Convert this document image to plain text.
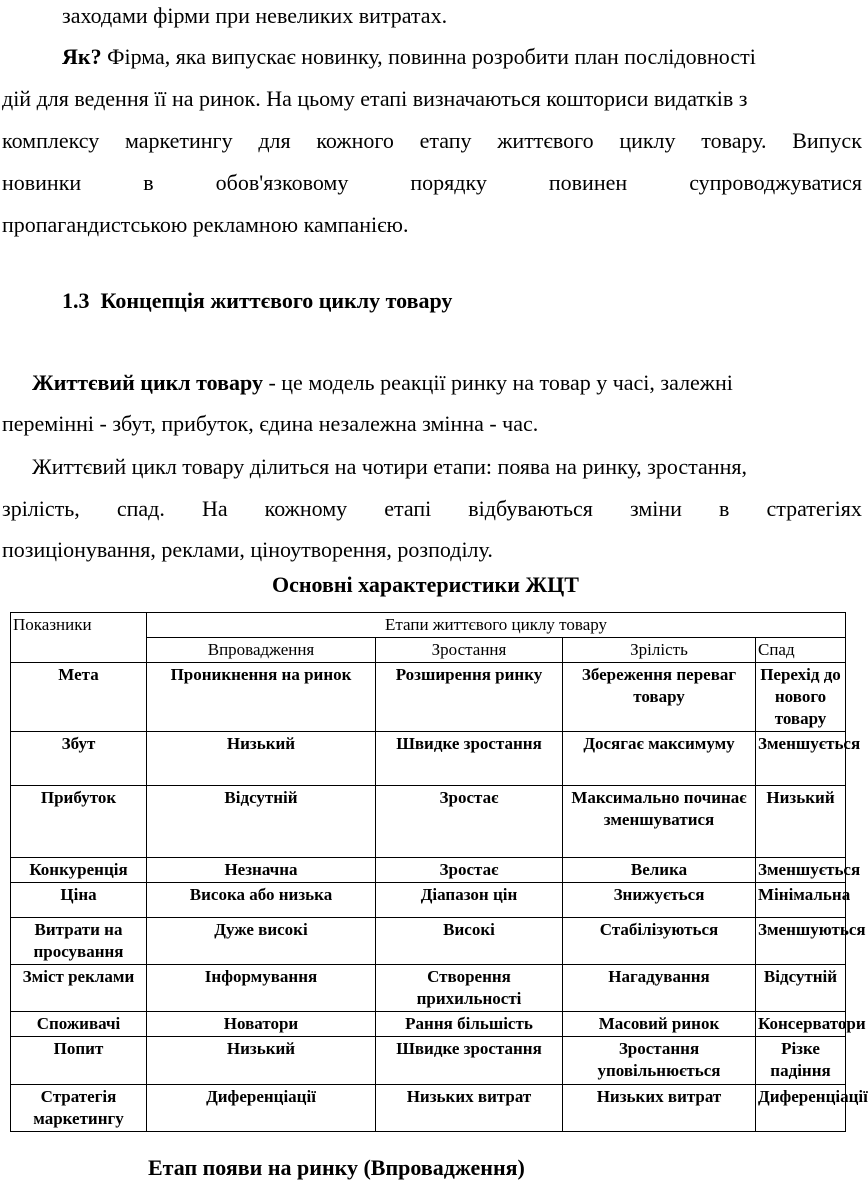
заходами фірми при невеликих витратах.
Як? Фірма, яка випускає новинку, повинна розробити план послідовності
дій для ведення її на ринок. На цьому етапі визначаються кошториси видатків з
комплексу маркетингу для кожного етапу життєвого циклу товару. Випуск
новинки	в	обов'язковому	порядку	повинен	супроводжуватися
пропагандистською рекламною кампанією.
1.3 Концепція життєвого циклу товару
Життєвий цикл товару - це модель реакції ринку на товар у часі, залежні
перемінні - збут, прибуток, єдина незалежна змінна - час.
Життєвий цикл товару ділиться на чотири етапи: поява на ринку, зростання,
зрілість, спад. На кожному етапі відбуваються зміни в стратегіях
позиціонування, реклами, ціноутворення, розподілу.
Основні характеристики ЖЦТ
Показники	Етапи життєвого циклу товару			
	Впровадження	Зростання	Зрілість	Спад
Мета	Проникнення на ринок	Розширення ринку	Збереження переваг товару	Перехід до нового товару
Збут	Низький	Швидке зростання	Досягає максимуму	Зменшується
Прибуток	Відсутній	Зростає	Максимально починає зменшуватися	Низький
Конкуренція	Незначна	Зростає	Велика	Зменшується
Ціна	Висока або низька	Діапазон цін	Знижується	Мінімальна
Витрати на просування	Дуже високі	Високі	Стабілізуються	Зменшуються
Зміст реклами	Інформування	Створення прихильності	Нагадування	Відсутній
Споживачі	Новатори	Рання більшість	Масовий ринок	Консерватори
Попит	Низький	Швидке зростання	Зростання уповільнюється	Різке падіння
Стратегія маркетингу	Диференціації	Низьких витрат	Низьких витрат	Диференціації
Етап появи на ринку (Впровадження)
